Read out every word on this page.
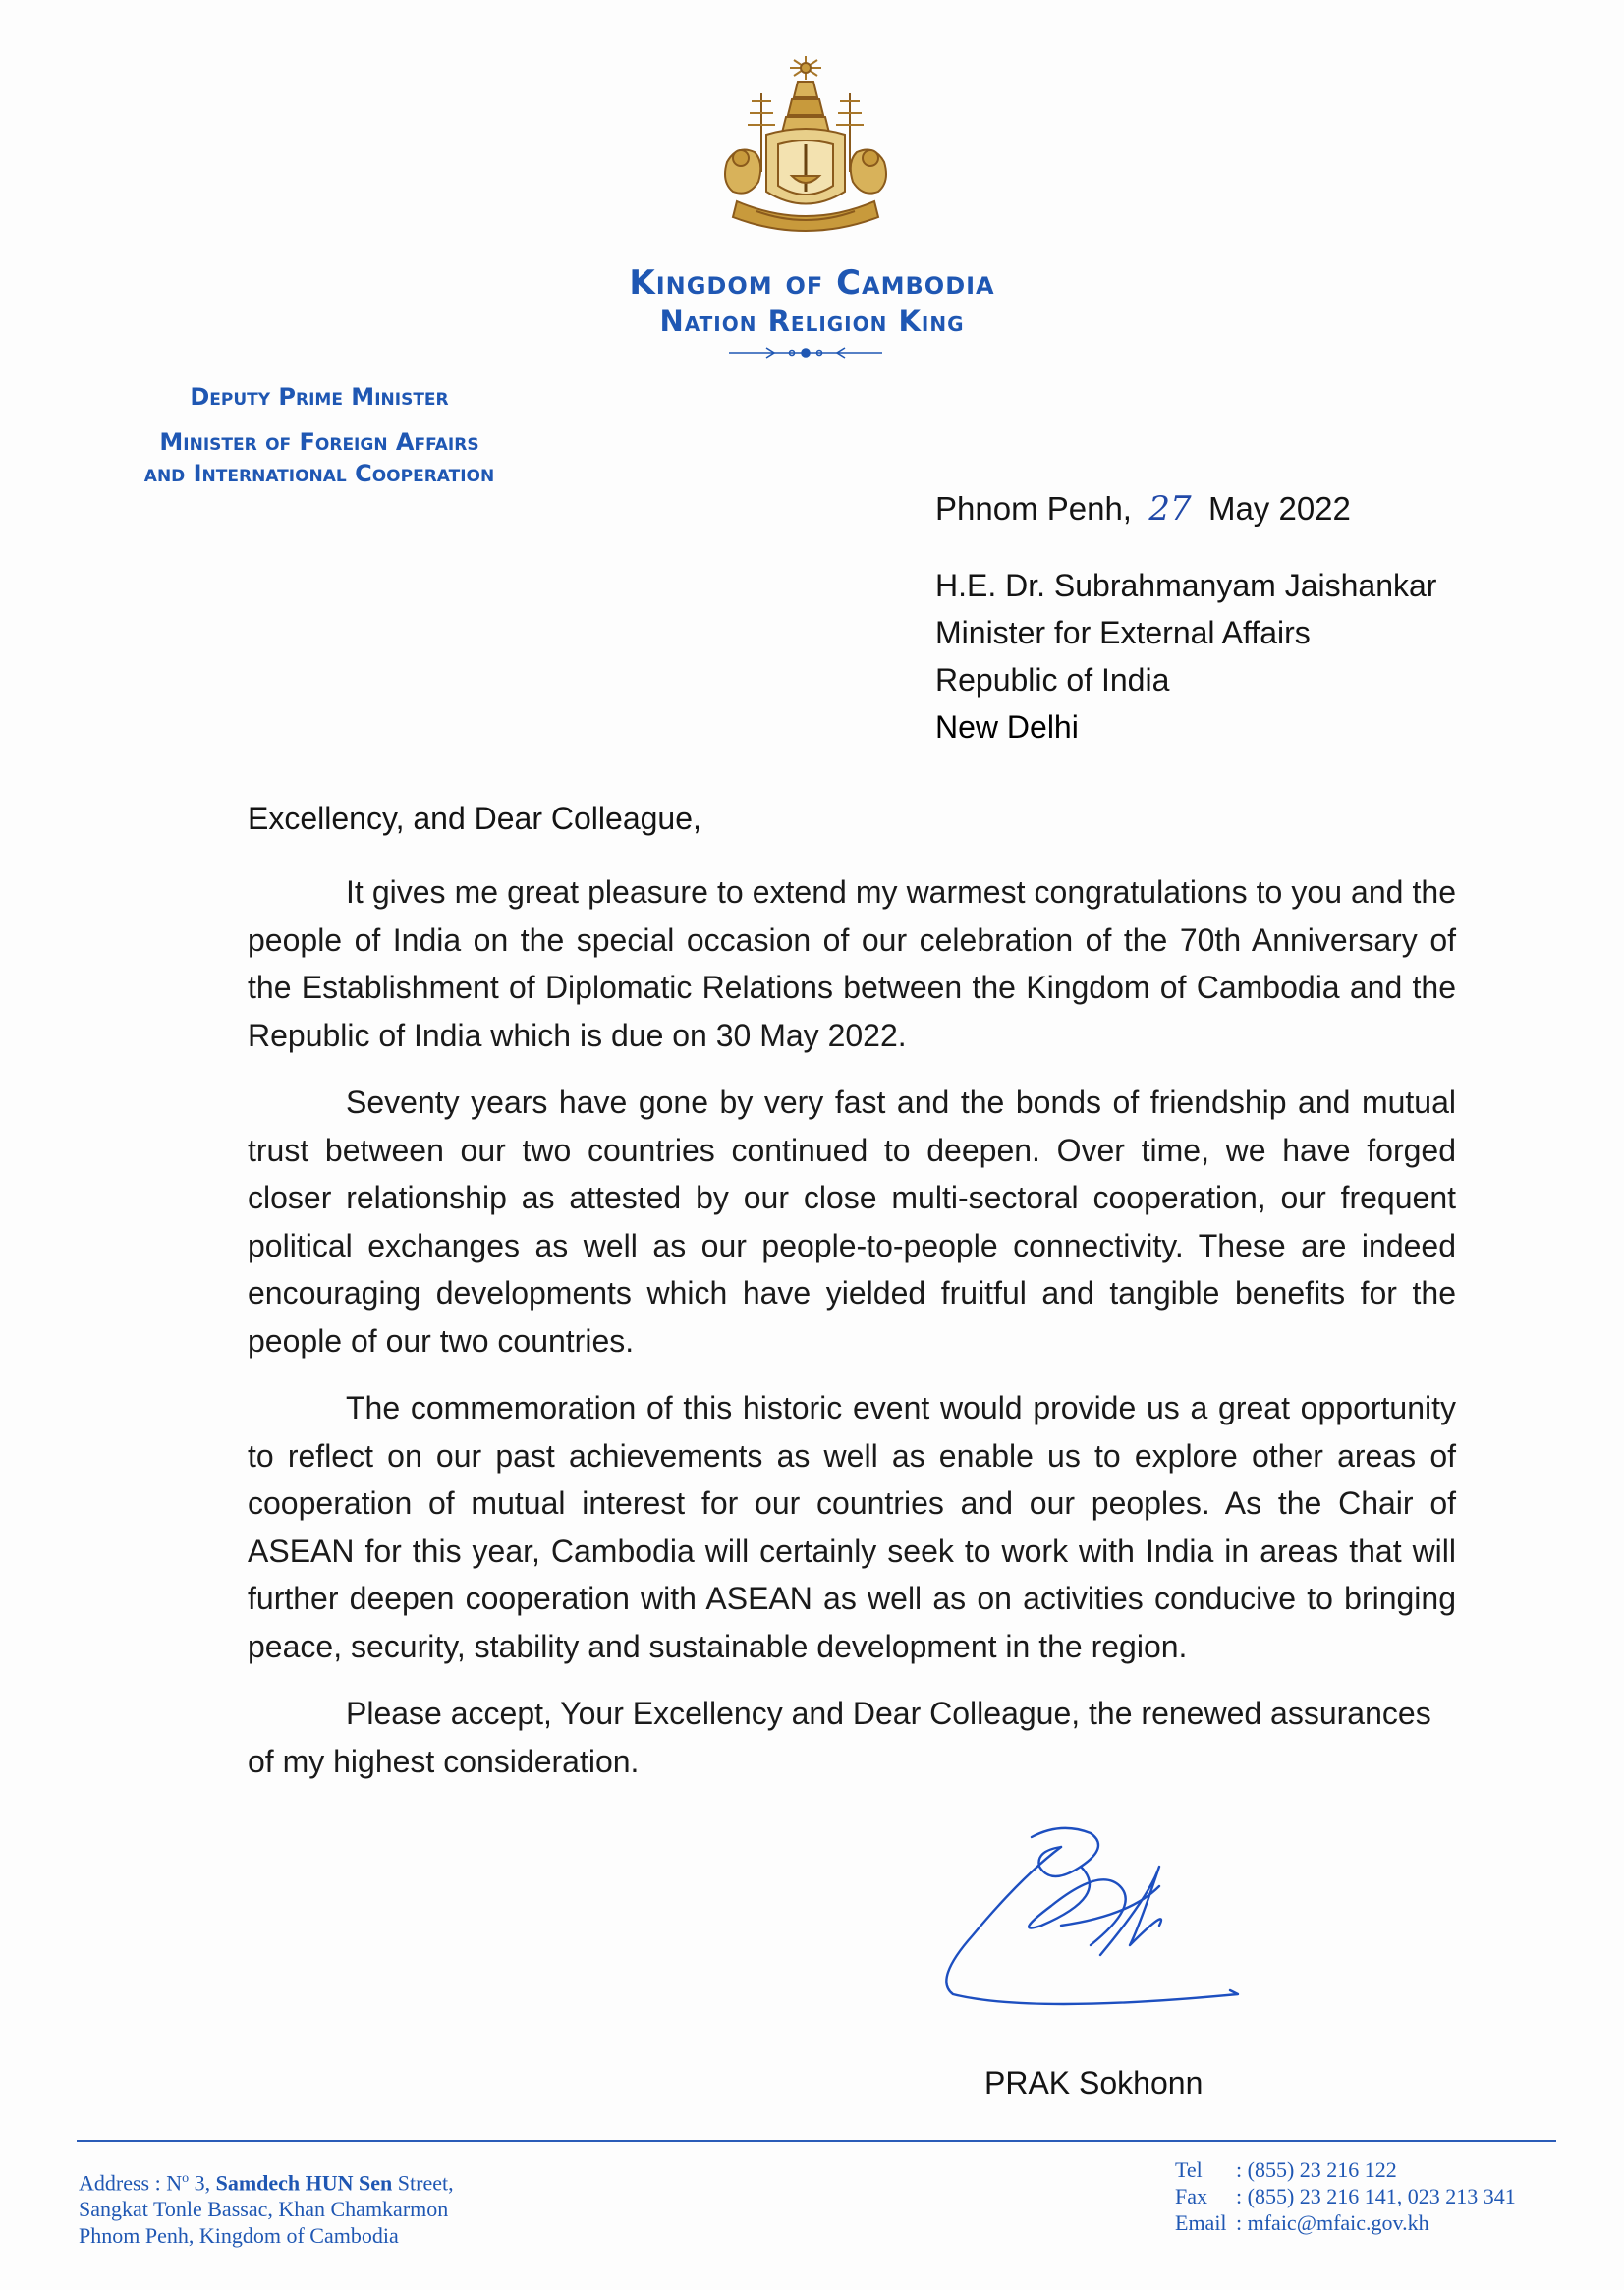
Kingdom of Cambodia
Nation Religion King
Deputy Prime Minister
Minister of Foreign Affairs
and International Cooperation
Phnom Penh, 27 May 2022
H.E. Dr. Subrahmanyam Jaishankar
Minister for External Affairs
Republic of India
New Delhi
Excellency, and Dear Colleague,

It gives me great pleasure to extend my warmest congratulations to you and the people of India on the special occasion of our celebration of the 70th Anniversary of the Establishment of Diplomatic Relations between the Kingdom of Cambodia and the Republic of India which is due on 30 May 2022.

Seventy years have gone by very fast and the bonds of friendship and mutual trust between our two countries continued to deepen. Over time, we have forged closer relationship as attested by our close multi-sectoral cooperation, our frequent political exchanges as well as our people-to-people connectivity. These are indeed encouraging developments which have yielded fruitful and tangible benefits for the people of our two countries.

The commemoration of this historic event would provide us a great opportunity to reflect on our past achievements as well as enable us to explore other areas of cooperation of mutual interest for our countries and our peoples. As the Chair of ASEAN for this year, Cambodia will certainly seek to work with India in areas that will further deepen cooperation with ASEAN as well as on activities conducive to bringing peace, security, stability and sustainable development in the region.

Please accept, Your Excellency and Dear Colleague, the renewed assurances of my highest consideration.

PRAK Sokhonn
Address : $N^o$ 3, Samdech HUN Sen Street,
Sangkat Tonle Bassac, Khan Chamkarmon
Phnom Penh, Kingdom of Cambodia
Tel : (855) 23 216 122
Fax : (855) 23 216 141, 023 213 341
Email : mfaic@mfaic.gov.kh
